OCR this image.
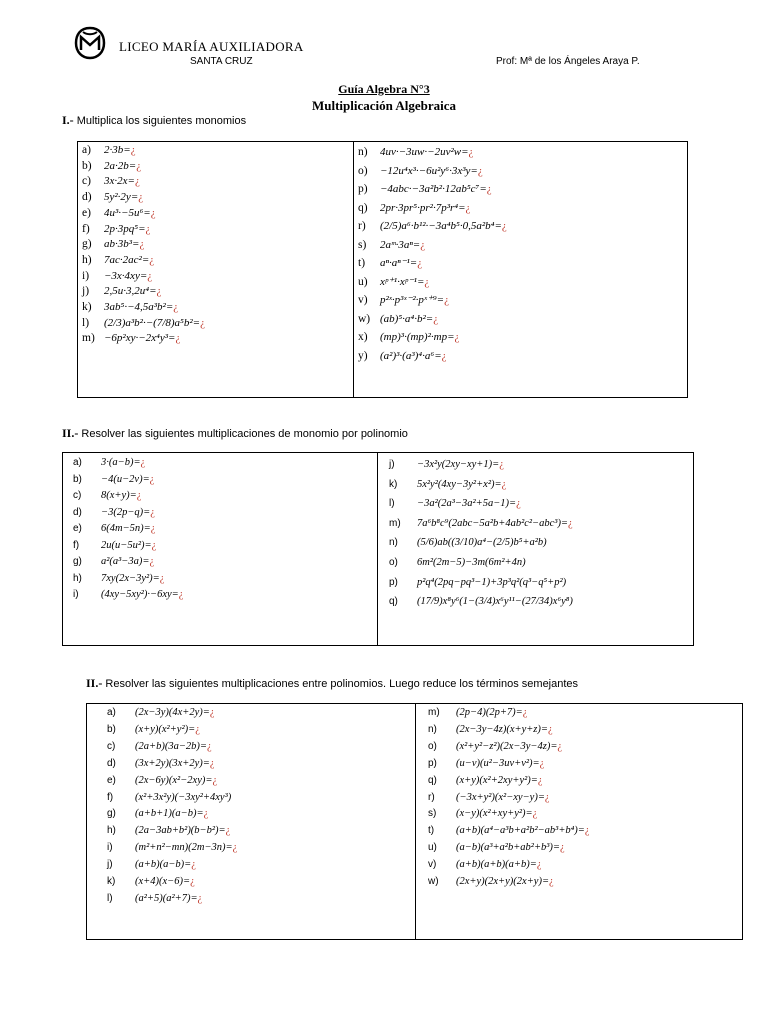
LICEO MARÍA AUXILIADORA
SANTA CRUZ	Prof: Mª de los Ángeles Araya P.
Guía Algebra N°3
Multiplicación Algebraica
I.- Multiplica los siguientes monomios
a)	2·3b=¿
b)	2a·2b=¿
c)	3x·2x=¿
d)	5y²·2y=¿
e)	4u³·−5u⁶=¿
f)	2p·3pq⁵=¿
g)	ab·3b³=¿
h)	7ac·2ac²=¿
i)	−3x·4xy=¿
j)	2,5u·3,2u⁴=¿
k)	3ab⁵·−4,5a³b²=¿
l)	(2/3)a³b²·−(7/8)a⁵b²=¿
m) −6p²xy·−2x⁴y³=¿
n)	4uv·−3uw·−2uv²w=¿
o)	−12u⁴x³·−6u²y⁶·3x³y=¿
p)	−4abc·−3a²b²·12ab⁵c⁷=¿
q)	2pr·3pr⁵·pr²·7p³r⁴=¿
r)	(2/5)a⁶·b¹²·−3a⁴b⁵·0,5a²b⁴=¿
s)	2aᵐ·3aⁿ=¿
t)	aⁿ·aⁿ⁻¹=¿
u)	xᵖ⁺¹·xᵖ⁻¹=¿
v)	p²ˣ·p³ˣ⁻²·pˣ⁺⁹=¿
w) (ab)⁵·a⁴·b²=¿
x)	(mp)³·(mp)²·mp=¿
y)	(a²)³·(a³)⁴·a⁶=¿
II.- Resolver las siguientes multiplicaciones de monomio por polinomio
a)	3·(a−b)=¿
b)	−4(u−2v)=¿
c)	8(x+y)=¿
d)	−3(2p−q)=¿
e)	6(4m−5n)=¿
f)	2u(u−5u²)=¿
g)	a²(a³−3a)=¿
h)	7xy(2x−3y²)=¿
i)	(4xy−5xy²)·−6xy=¿
j)	−3x²y(2xy−xy+1)=¿
k)	5x²y²(4xy−3y²+x²)=¿
l)	−3a²(2a³−3a²+5a−1)=¿
m)	7a⁶b⁸c⁹(2abc−5a²b+4ab²c²−abc³)=¿
n)	(5/6)ab((3/10)a⁴−(2/5)b⁵+a²b)
o)	6m²(2m−5)−3m(6m²+4n)
p)	p²q⁴(2pq−pq³−1)+3p³q²(q³−q⁵+p²)
q)	(17/9)x⁸y⁶(1−(3/4)x⁶y¹¹−(27/34)x⁶y⁸)
II.- Resolver las siguientes multiplicaciones entre polinomios. Luego reduce los términos semejantes
a)	(2x−3y)(4x+2y)=¿
b)	(x+y)(x²+y²)=¿
c)	(2a+b)(3a−2b)=¿
d)	(3x+2y)(3x+2y)=¿
e)	(2x−6y)(x²−2xy)=¿
f)	(x²+3x²y)(−3xy²+4xy³)
g)	(a+b+1)(a−b)=¿
h)	(2a−3ab+b²)(b−b²)=¿
i)	(m²+n²−mn)(2m−3n)=¿
j)	(a+b)(a−b)=¿
k)	(x+4)(x−6)=¿
l)	(a²+5)(a²+7)=¿
m)	(2p−4)(2p+7)=¿
n)	(2x−3y−4z)(x+y+z)=¿
o)	(x²+y²−z²)(2x−3y−4z)=¿
p)	(u−v)(u²−3uv+v²)=¿
q)	(x+y)(x²+2xy+y²)=¿
r)	(−3x+y²)(x²−xy−y)=¿
s)	(x−y)(x²+xy+y²)=¿
t)	(a+b)(a⁴−a³b+a²b²−ab³+b⁴)=¿
u)	(a−b)(a³+a²b+ab²+b³)=¿
v)	(a+b)(a+b)(a+b)=¿
w)	(2x+y)(2x+y)(2x+y)=¿
